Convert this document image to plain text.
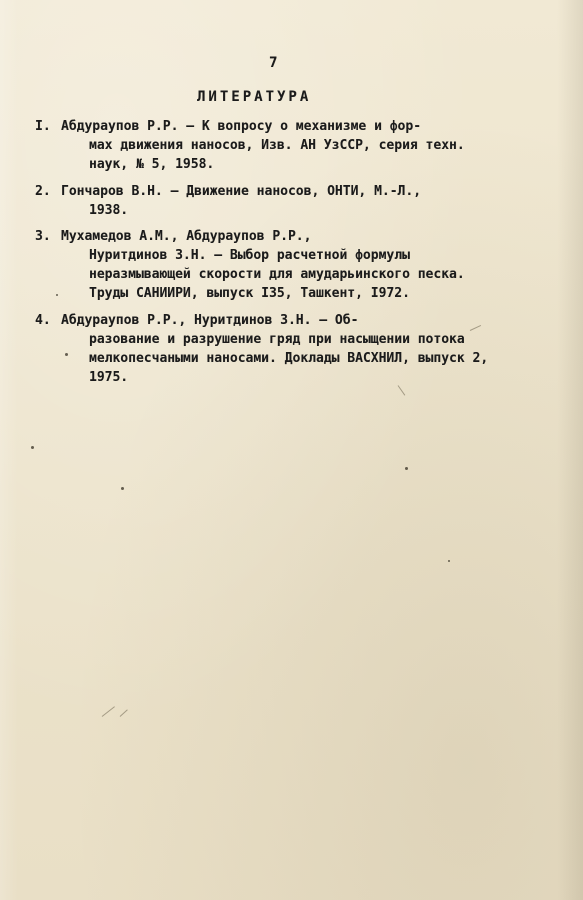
7
ЛИТЕРАТУРА
I. Абдураупов Р.Р. – К вопросу о механизме и фор-
мах движения наносов, Изв. АН УзССР, серия техн.
наук, № 5, 1958.
2. Гончаров В.Н. – Движение наносов, ОНТИ, М.-Л.,
1938.
3. Мухамедов А.М., Абдураупов Р.Р.,
Нуритдинов З.Н. – Выбор расчетной формулы
неразмывающей скорости для амударьинского песка.
Труды САНИИРИ, выпуск I35, Ташкент, I972.
4. Абдураупов Р.Р., Нуритдинов З.Н. – Об-
разование и разрушение гряд при насыщении потока
мелкопесчаными наносами. Доклады ВАСХНИЛ, выпуск 2,
1975.
